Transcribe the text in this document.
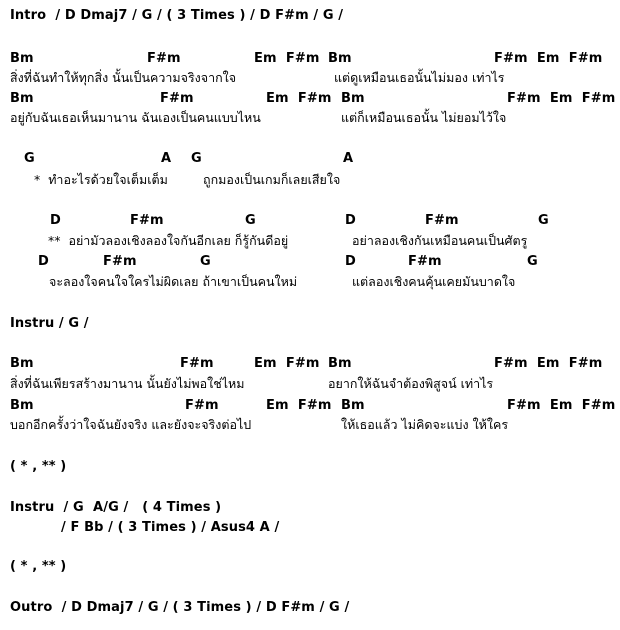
Intro  / D Dmaj7 / G / ( 3 Times ) / D F#m / G /
Bm	F#m	Em  F#m Bm	F#m  Em  F#m
สิ่งที่ฉันทำให้ทุกสิ่ง นั้นเป็นความจริงจากใจ	แต่ดูเหมือนเธอนั้นไม่มอง เท่าไร
Bm	F#m	Em  F#m Bm	F#m  Em  F#m
อยู่กับฉันเธอเห็นมานาน ฉันเองเป็นคนแบบไหน	แต่ก็เหมือนเธอนั้น ไม่ยอมไว้ใจ
G	A G	A
*  ทำอะไรด้วยใจเต็มเต็ม	ถูกมองเป็นเกมก็เลยเสียใจ
D	F#m	G	D	F#m	G
**  อย่ามัวลองเชิงลองใจกันอีกเลย ก็รู้กันดีอยู่	อย่าลองเชิงกันเหมือนคนเป็นศัตรู
D	F#m	G	D	F#m	G
จะลองใจคนใจใครไม่ผิดเลย ถ้าเขาเป็นคนใหม่	แต่ลองเชิงคนคุ้นเคยมันบาดใจ
Instru / G /
Bm	F#m	Em  F#m Bm	F#m  Em  F#m
สิ่งที่ฉันเพียรสร้างมานาน นั้นยังไม่พอใช่ไหม	อยากให้ฉันจำต้องพิสูจน์ เท่าไร
Bm	F#m	Em  F#m Bm	F#m  Em  F#m
บอกอีกครั้งว่าใจฉันยังจริง และยังจะจริงต่อไป	ให้เธอแล้ว ไม่คิดจะแบ่ง ให้ใคร
( * , ** )
Instru  / G  A/G /   ( 4 Times )
/ F Bb / ( 3 Times ) / Asus4 A /
( * , ** )
Outro  / D Dmaj7 / G / ( 3 Times ) / D F#m / G /
